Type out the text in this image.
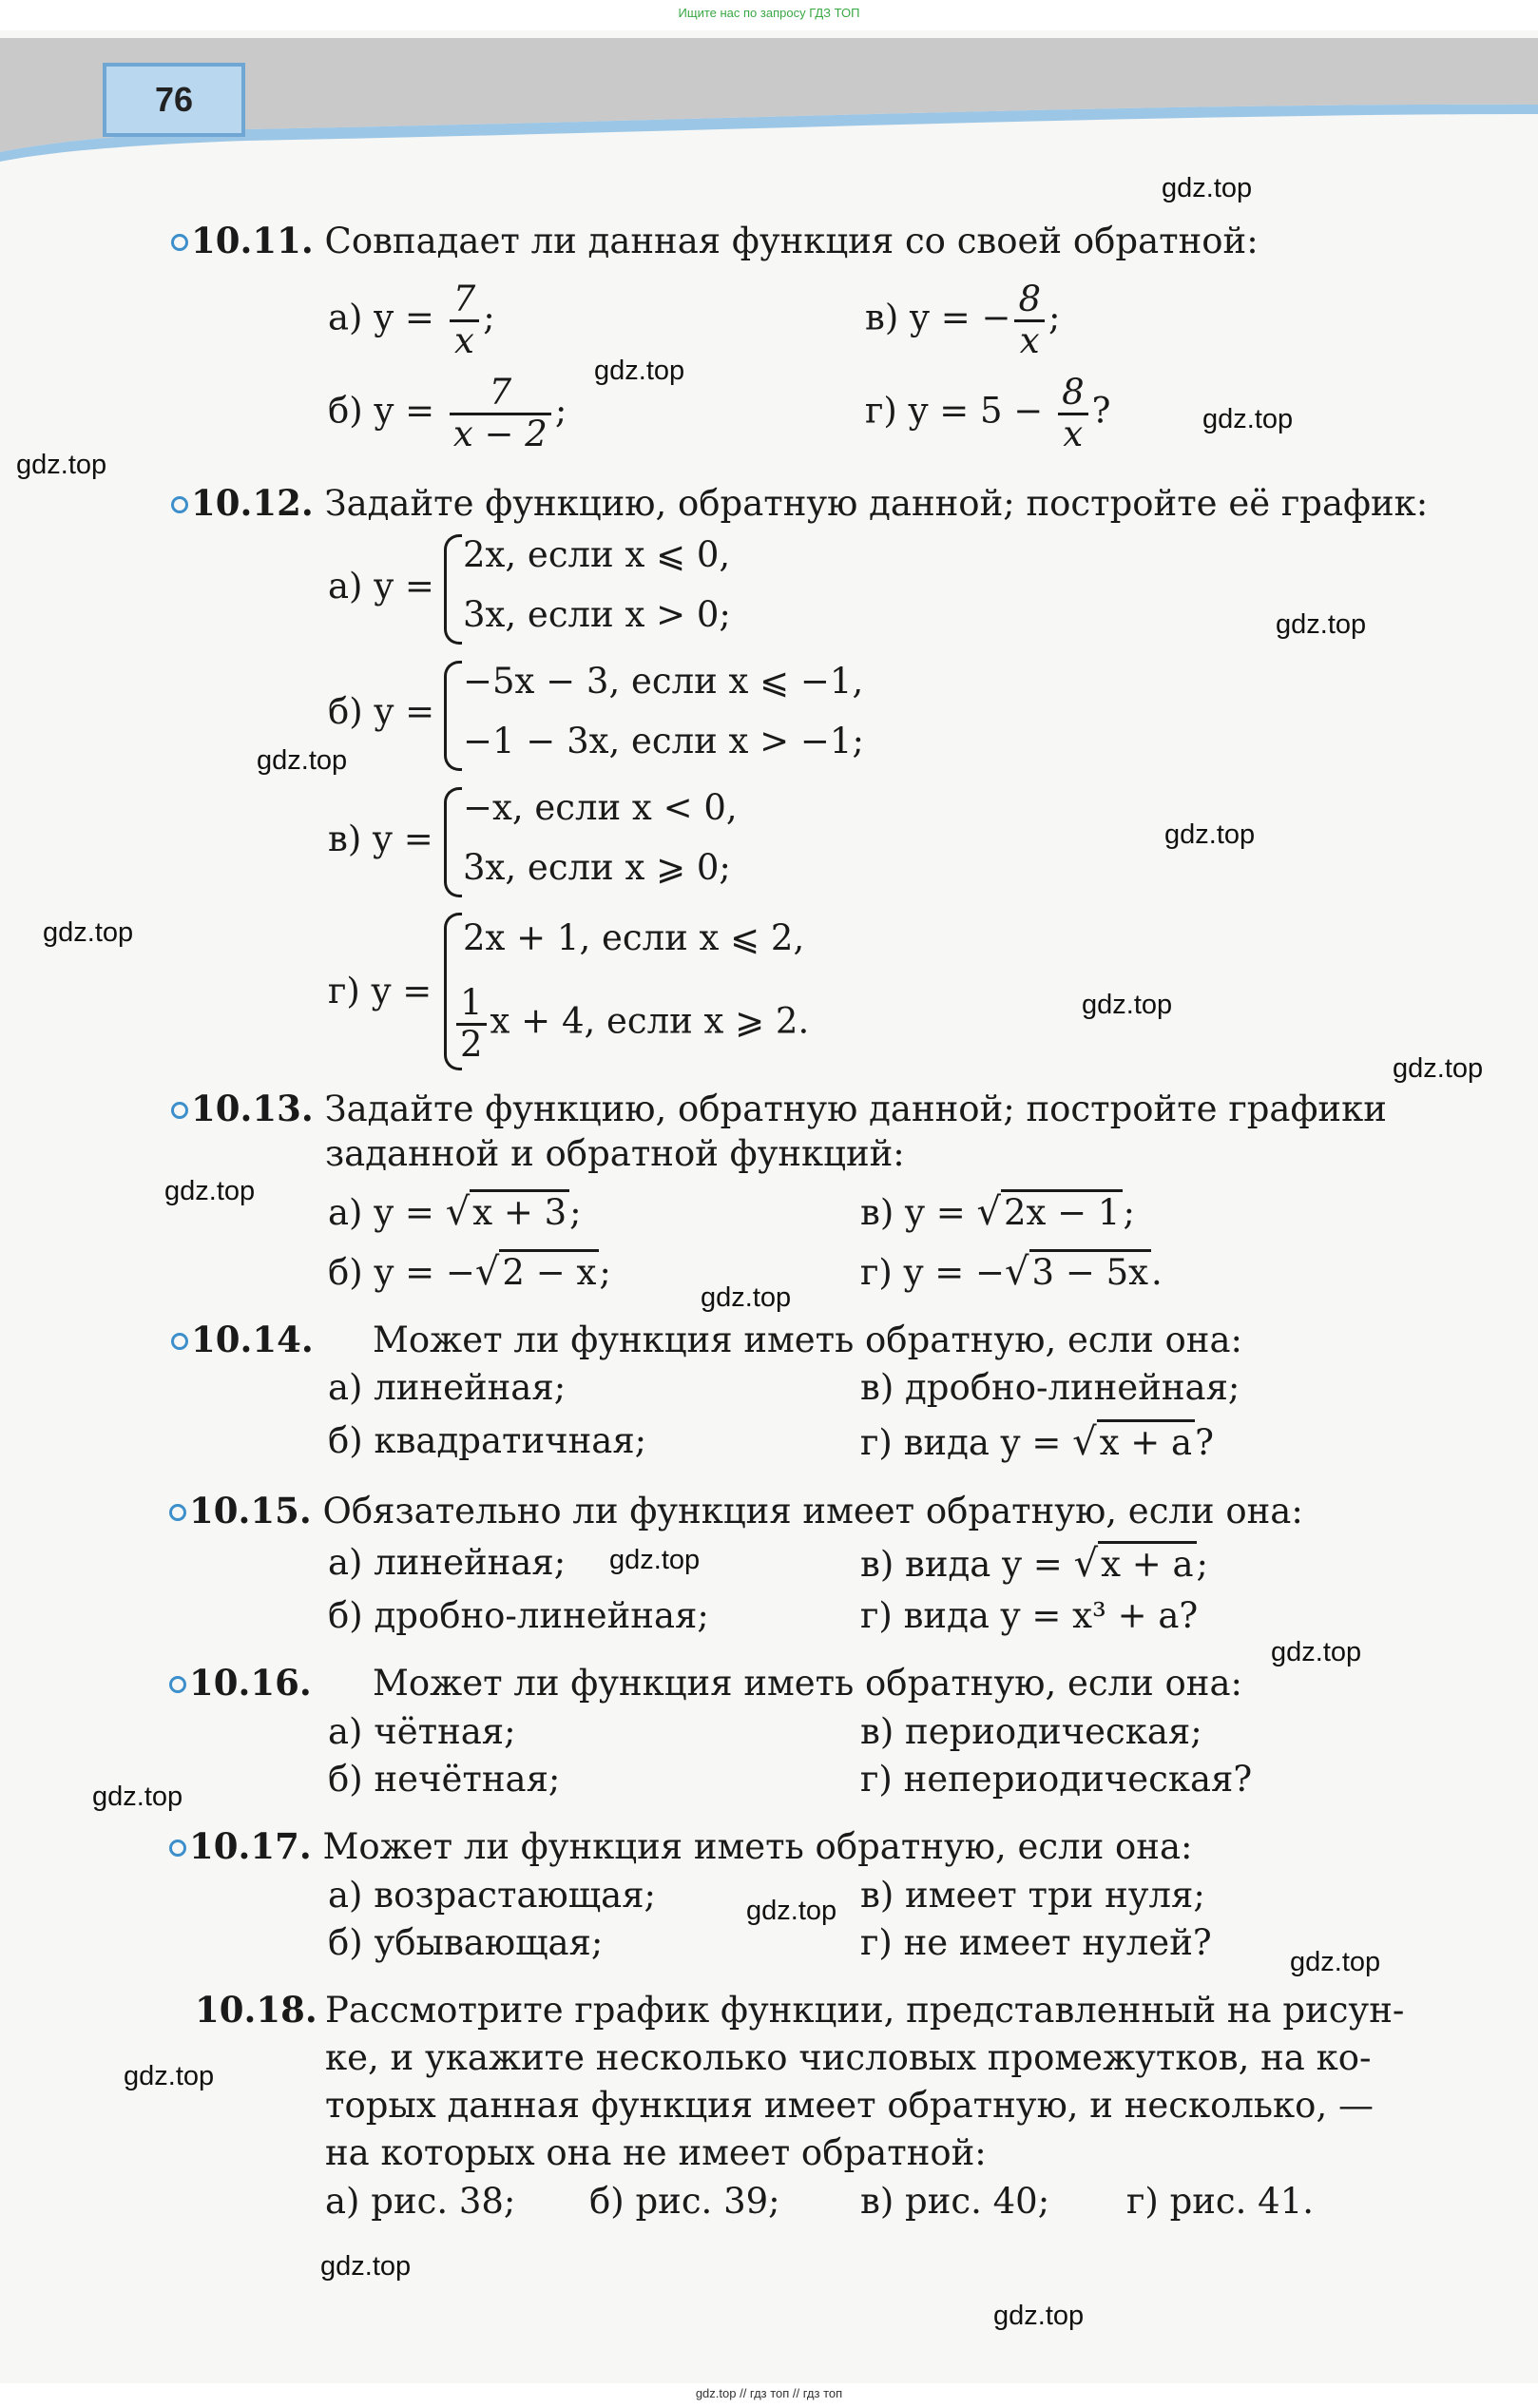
Ищите нас по запросу ГДЗ ТОП
76
gdz.top
gdz.top
gdz.top
gdz.top
gdz.top
gdz.top
gdz.top
gdz.top
gdz.top
gdz.top
gdz.top
gdz.top
gdz.top
gdz.top
gdz.top
gdz.top
gdz.top
gdz.top
gdz.top
gdz.top
10.11. Совпадает ли данная функция со своей обратной:
а) $y = \frac{7}{x}$ ;	в) y = − $\frac{8}{x}$ ;
б) $y = \frac{7}{x - 2}$ ;	г) $y = 5 - \frac{8}{x}$ ?
10.12. Задайте функцию, обратную данной; постройте её график:
а) y =
2x, если x ⩽ 0,
3x, если x > 0;
б) y =
−5x − 3, если x ⩽ −1,
−1 − 3x, если x > −1;
в) y =
−x, если x < 0,
3x, если x ⩾ 0;
г) y =
2x + 1, если x ⩽ 2,
$\frac{1}{2}$ x + 4, если x ⩾ 2.
10.13. Задайте функцию, обратную данной; постройте графики
заданной и обратной функций:
а) y = √x + 3;	в) y = √2x − 1;
б) y = −√2 − x;	г) y = −√3 − 5x.
10.14. Может ли функция иметь обратную, если она:
а) линейная;	в) дробно-линейная;
б) квадратичная;	г) вида y = √x + a?
10.15. Обязательно ли функция имеет обратную, если она:
а) линейная;	в) вида y = √x + a;
б) дробно-линейная;	г) вида y = x³ + a?
10.16. Может ли функция иметь обратную, если она:
а) чётная;	в) периодическая;
б) нечётная;	г) непериодическая?
10.17. Может ли функция иметь обратную, если она:
а) возрастающая;	в) имеет три нуля;
б) убывающая;	г) не имеет нулей?
10.18. Рассмотрите график функции, представленный на рисун-
ке, и укажите несколько числовых промежутков, на ко-
торых данная функция имеет обратную, и несколько, —
на которых она не имеет обратной:
а) рис. 38; б) рис. 39; в) рис. 40; г) рис. 41.
gdz.top // гдз топ // гдз топ
